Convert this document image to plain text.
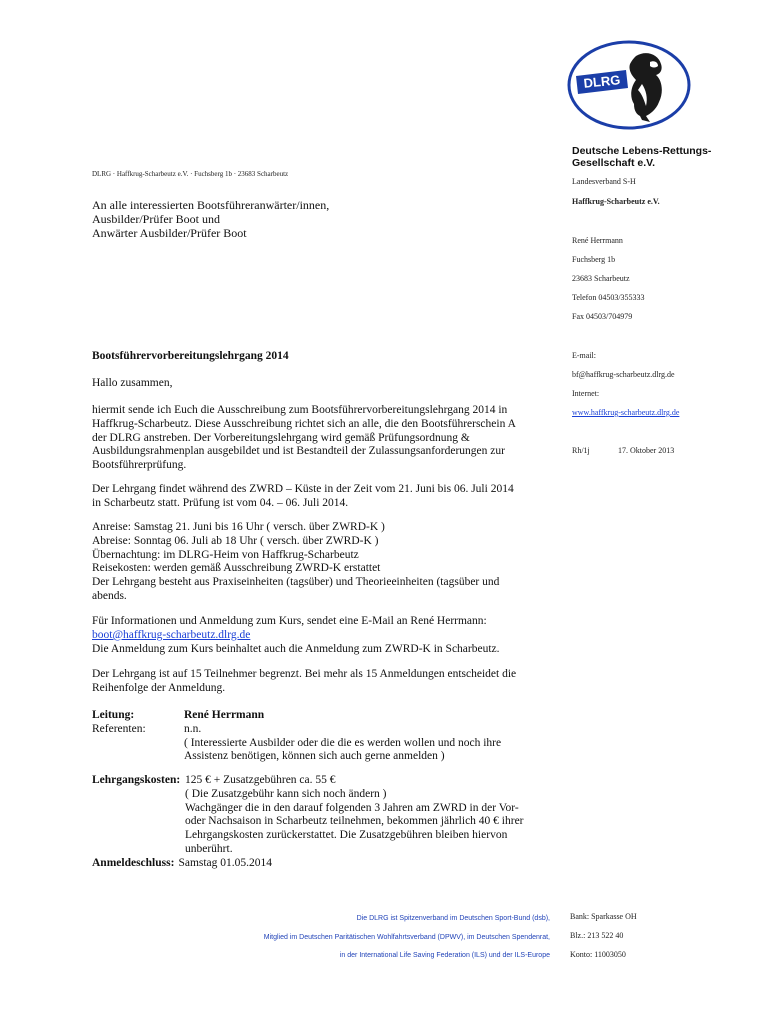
DLRG · Haffkrug-Scharbeutz e.V. · Fuchsberg 1b · 23683 Scharbeutz
An alle interessierten Bootsführeranwärter/innen,
Ausbilder/Prüfer Boot und
Anwärter Ausbilder/Prüfer Boot
DLRG
Deutsche Lebens-Rettungs-
Gesellschaft e.V.
Landesverband S-H
Haffkrug-Scharbeutz e.V.
René Herrmann
Fuchsberg 1b
23683 Scharbeutz
Telefon 04503/355333
Fax 04503/704979
E-mail:
bf@haffkrug-scharbeutz.dlrg.de
Internet:
www.haffkrug-scharbeutz.dlrg.de
Rh/1j	17. Oktober 2013
Bootsführervorbereitungslehrgang 2014
Hallo zusammen,

hiermit sende ich Euch die Ausschreibung zum Bootsführervorbereitungslehrgang 2014 in

Haffkrug-Scharbeutz. Diese Ausschreibung richtet sich an alle, die den Bootsführerschein A

der DLRG anstreben. Der Vorbereitungslehrgang wird gemäß Prüfungsordnung &

Ausbildungsrahmenplan ausgebildet und ist Bestandteil der Zulassungsanforderungen zur

Bootsführerprüfung.

Der Lehrgang findet während des ZWRD – Küste in der Zeit vom 21. Juni bis 06. Juli 2014

in Scharbeutz statt. Prüfung ist vom 04. – 06. Juli 2014.

Anreise: Samstag 21. Juni bis 16 Uhr ( versch. über ZWRD-K )

Abreise: Sonntag 06. Juli ab 18 Uhr ( versch. über ZWRD-K )

Übernachtung: im DLRG-Heim von Haffkrug-Scharbeutz

Reisekosten: werden gemäß Ausschreibung ZWRD-K erstattet

Der Lehrgang besteht aus Praxiseinheiten (tagsüber) und Theorieeinheiten (tagsüber und

abends.

Für Informationen und Anmeldung zum Kurs, sendet eine E-Mail an René Herrmann:

boot@haffkrug-scharbeutz.dlrg.de

Die Anmeldung zum Kurs beinhaltet auch die Anmeldung zum ZWRD-K in Scharbeutz.

Der Lehrgang ist auf 15 Teilnehmer begrenzt. Bei mehr als 15 Anmeldungen entscheidet die

Reihenfolge der Anmeldung.

Leitung:	René Herrmann
Referenten:	n.n.
( Interessierte Ausbilder oder die die es werden wollen und noch ihre
Assistenz benötigen, können sich auch gerne anmelden )
Lehrgangskosten: 125 € + Zusatzgebühren ca. 55 €
( Die Zusatzgebühr kann sich noch ändern )
Wachgänger die in den darauf folgenden 3 Jahren am ZWRD in der Vor-
oder Nachsaison in Scharbeutz teilnehmen, bekommen jährlich 40 € ihrer
Lehrgangskosten zurückerstattet. Die Zusatzgebühren bleiben hiervon
unberührt.
Anmeldeschluss: Samstag 01.05.2014
Die DLRG ist Spitzenverband im Deutschen Sport-Bund (dsb),
Mitglied im Deutschen Paritätischen Wohlfahrtsverband (DPWV), im Deutschen Spendenrat,
in der International Life Saving Federation (ILS) und der ILS-Europe
Bank: Sparkasse OH
Blz.: 213 522 40
Konto: 11003050
